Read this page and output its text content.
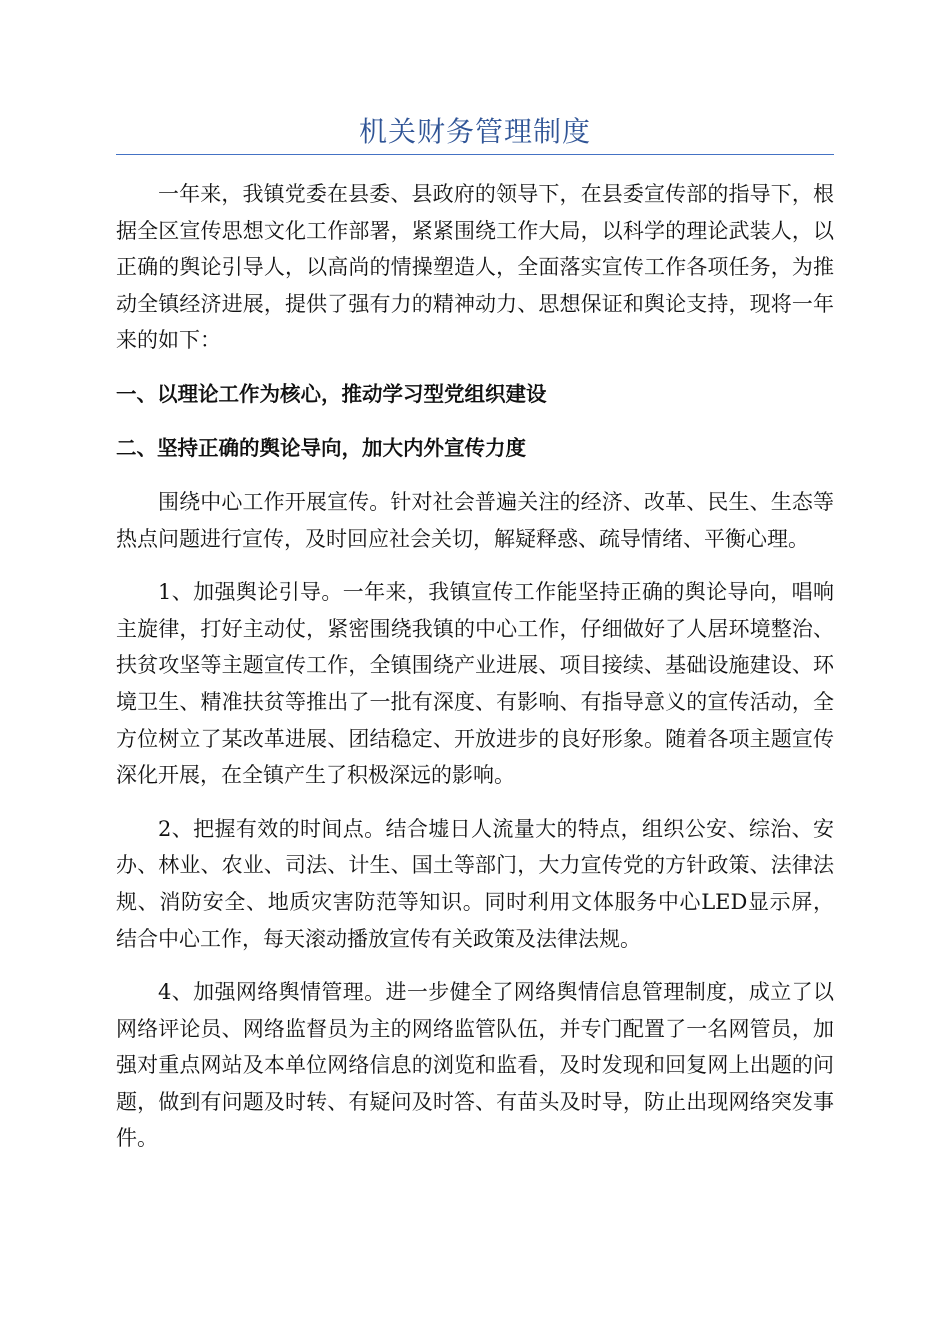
机关财务管理制度

一年来，我镇党委在县委、县政府的领导下，在县委宣传部的指导下，根据全区宣传思想文化工作部署，紧紧围绕工作大局，以科学的理论武装人，以正确的舆论引导人，以高尚的情操塑造人，全面落实宣传工作各项任务，为推动全镇经济进展，提供了强有力的精神动力、思想保证和舆论支持，现将一年来的如下：

一、以理论工作为核心，推动学习型党组织建设

二、坚持正确的舆论导向，加大内外宣传力度

围绕中心工作开展宣传。针对社会普遍关注的经济、改革、民生、生态等热点问题进行宣传，及时回应社会关切，解疑释惑、疏导情绪、平衡心理。

1、加强舆论引导。一年来，我镇宣传工作能坚持正确的舆论导向，唱响主旋律，打好主动仗，紧密围绕我镇的中心工作，仔细做好了人居环境整治、扶贫攻坚等主题宣传工作，全镇围绕产业进展、项目接续、基础设施建设、环境卫生、精准扶贫等推出了一批有深度、有影响、有指导意义的宣传活动，全方位树立了某改革进展、团结稳定、开放进步的良好形象。随着各项主题宣传深化开展，在全镇产生了积极深远的影响。

2、把握有效的时间点。结合墟日人流量大的特点，组织公安、综治、安办、林业、农业、司法、计生、国土等部门，大力宣传党的方针政策、法律法规、消防安全、地质灾害防范等知识。同时利用文体服务中心LED显示屏，结合中心工作，每天滚动播放宣传有关政策及法律法规。

4、加强网络舆情管理。进一步健全了网络舆情信息管理制度，成立了以网络评论员、网络监督员为主的网络监管队伍，并专门配置了一名网管员，加强对重点网站及本单位网络信息的浏览和监看，及时发现和回复网上出题的问题，做到有问题及时转、有疑问及时答、有苗头及时导，防止出现网络突发事件。
